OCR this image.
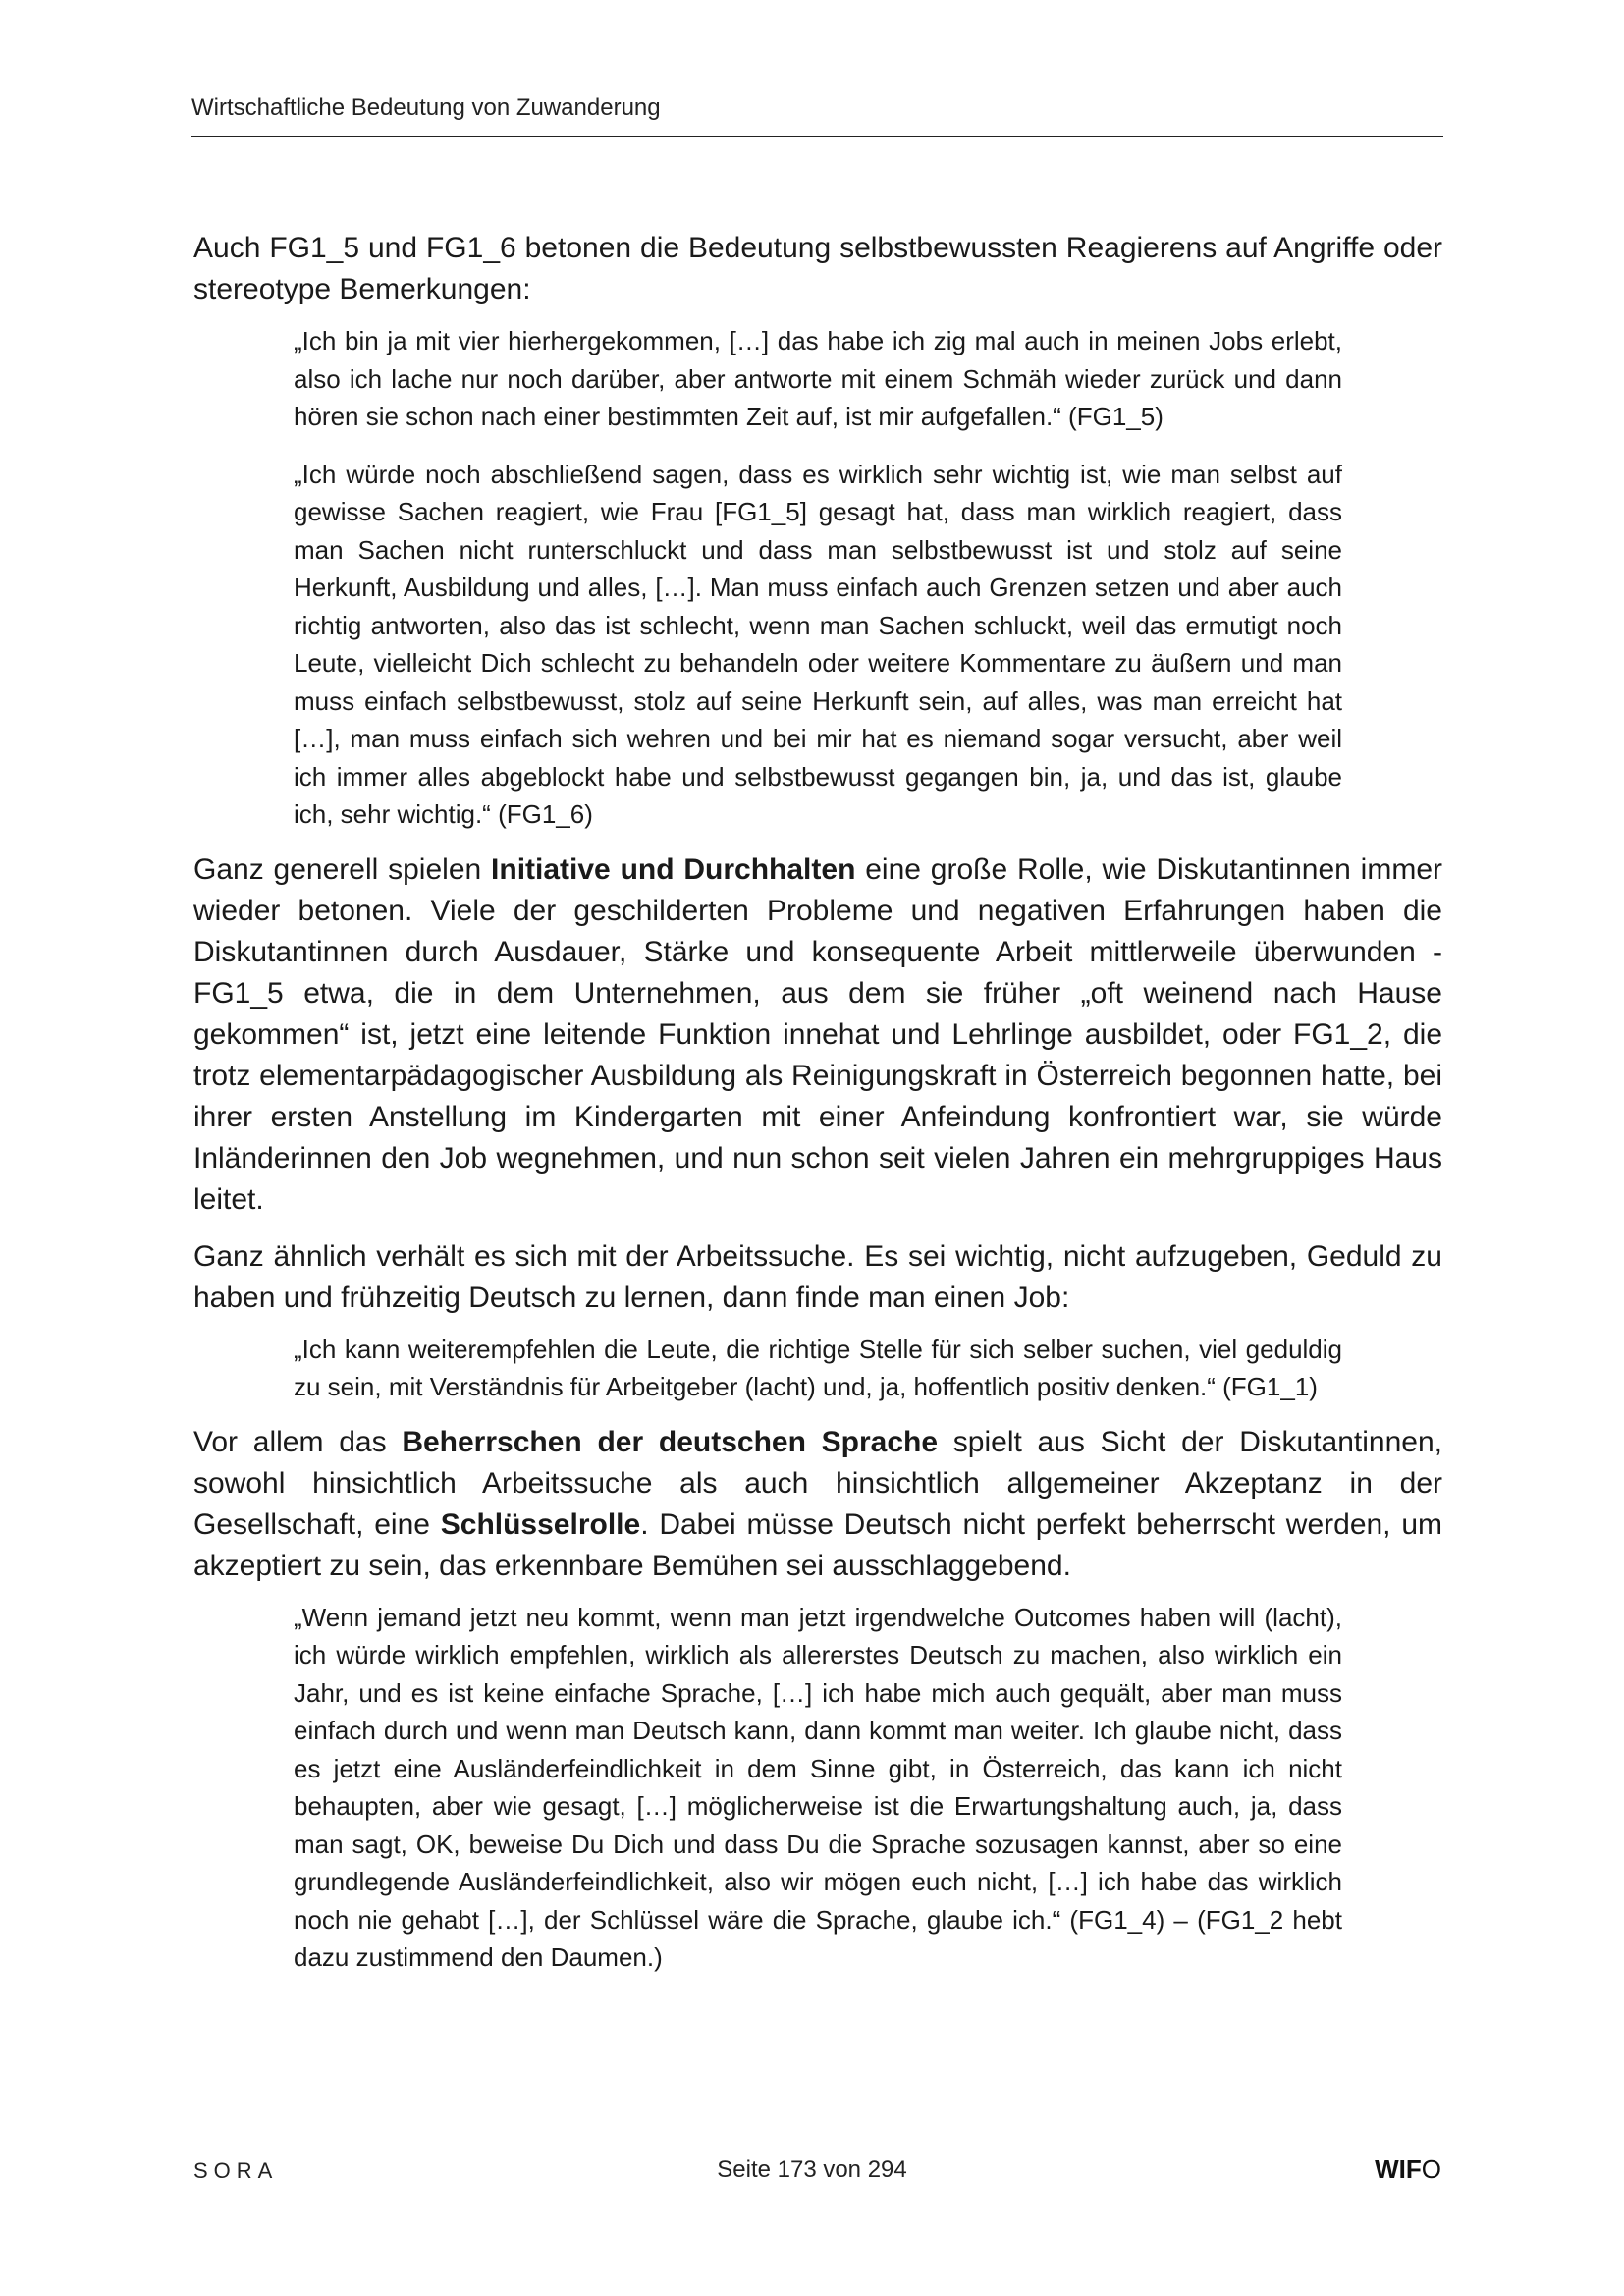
Wirtschaftliche Bedeutung von Zuwanderung

Auch FG1_5 und FG1_6 betonen die Bedeutung selbstbewussten Reagierens auf Angriffe oder stereotype Bemerkungen:

„Ich bin ja mit vier hierhergekommen, […] das habe ich zig mal auch in meinen Jobs erlebt, also ich lache nur noch darüber, aber antworte mit einem Schmäh wieder zurück und dann hören sie schon nach einer bestimmten Zeit auf, ist mir aufgefallen.“ (FG1_5)
„Ich würde noch abschließend sagen, dass es wirklich sehr wichtig ist, wie man selbst auf gewisse Sachen reagiert, wie Frau [FG1_5] gesagt hat, dass man wirklich reagiert, dass man Sachen nicht runterschluckt und dass man selbstbewusst ist und stolz auf seine Herkunft, Ausbildung und alles, […]. Man muss einfach auch Grenzen setzen und aber auch richtig antworten, also das ist schlecht, wenn man Sachen schluckt, weil das ermutigt noch Leute, vielleicht Dich schlecht zu behandeln oder weitere Kommentare zu äußern und man muss einfach selbstbewusst, stolz auf seine Herkunft sein, auf alles, was man erreicht hat […], man muss einfach sich wehren und bei mir hat es niemand sogar versucht, aber weil ich immer alles abgeblockt habe und selbstbewusst gegangen bin, ja, und das ist, glaube ich, sehr wichtig.“ (FG1_6)

Ganz generell spielen Initiative und Durchhalten eine große Rolle, wie Diskutantinnen immer wieder betonen. Viele der geschilderten Probleme und negativen Erfahrungen haben die Diskutantinnen durch Ausdauer, Stärke und konsequente Arbeit mittlerweile überwunden - FG1_5 etwa, die in dem Unternehmen, aus dem sie früher „oft weinend nach Hause gekommen“ ist, jetzt eine leitende Funktion innehat und Lehrlinge ausbildet, oder FG1_2, die trotz elementarpädagogischer Ausbildung als Reinigungskraft in Österreich begonnen hatte, bei ihrer ersten Anstellung im Kindergarten mit einer Anfeindung konfrontiert war, sie würde Inländerinnen den Job wegnehmen, und nun schon seit vielen Jahren ein mehrgruppiges Haus leitet.

Ganz ähnlich verhält es sich mit der Arbeitssuche. Es sei wichtig, nicht aufzugeben, Geduld zu haben und frühzeitig Deutsch zu lernen, dann finde man einen Job:

„Ich kann weiterempfehlen die Leute, die richtige Stelle für sich selber suchen, viel geduldig zu sein, mit Verständnis für Arbeitgeber (lacht) und, ja, hoffentlich positiv denken.“ (FG1_1)

Vor allem das Beherrschen der deutschen Sprache spielt aus Sicht der Diskutantinnen, sowohl hinsichtlich Arbeitssuche als auch hinsichtlich allgemeiner Akzeptanz in der Gesellschaft, eine Schlüsselrolle. Dabei müsse Deutsch nicht perfekt beherrscht werden, um akzeptiert zu sein, das erkennbare Bemühen sei ausschlaggebend.

„Wenn jemand jetzt neu kommt, wenn man jetzt irgendwelche Outcomes haben will (lacht), ich würde wirklich empfehlen, wirklich als allererstes Deutsch zu machen, also wirklich ein Jahr, und es ist keine einfache Sprache, […] ich habe mich auch gequält, aber man muss einfach durch und wenn man Deutsch kann, dann kommt man weiter. Ich glaube nicht, dass es jetzt eine Ausländerfeindlichkeit in dem Sinne gibt, in Österreich, das kann ich nicht behaupten, aber wie gesagt, […] möglicherweise ist die Erwartungshaltung auch, ja, dass man sagt, OK, beweise Du Dich und dass Du die Sprache sozusagen kannst, aber so eine grundlegende Ausländerfeindlichkeit, also wir mögen euch nicht, […] ich habe das wirklich noch nie gehabt […], der Schlüssel wäre die Sprache, glaube ich.“ (FG1_4) – (FG1_2 hebt dazu zustimmend den Daumen.)
SORA	Seite 173 von 294	WIFO
